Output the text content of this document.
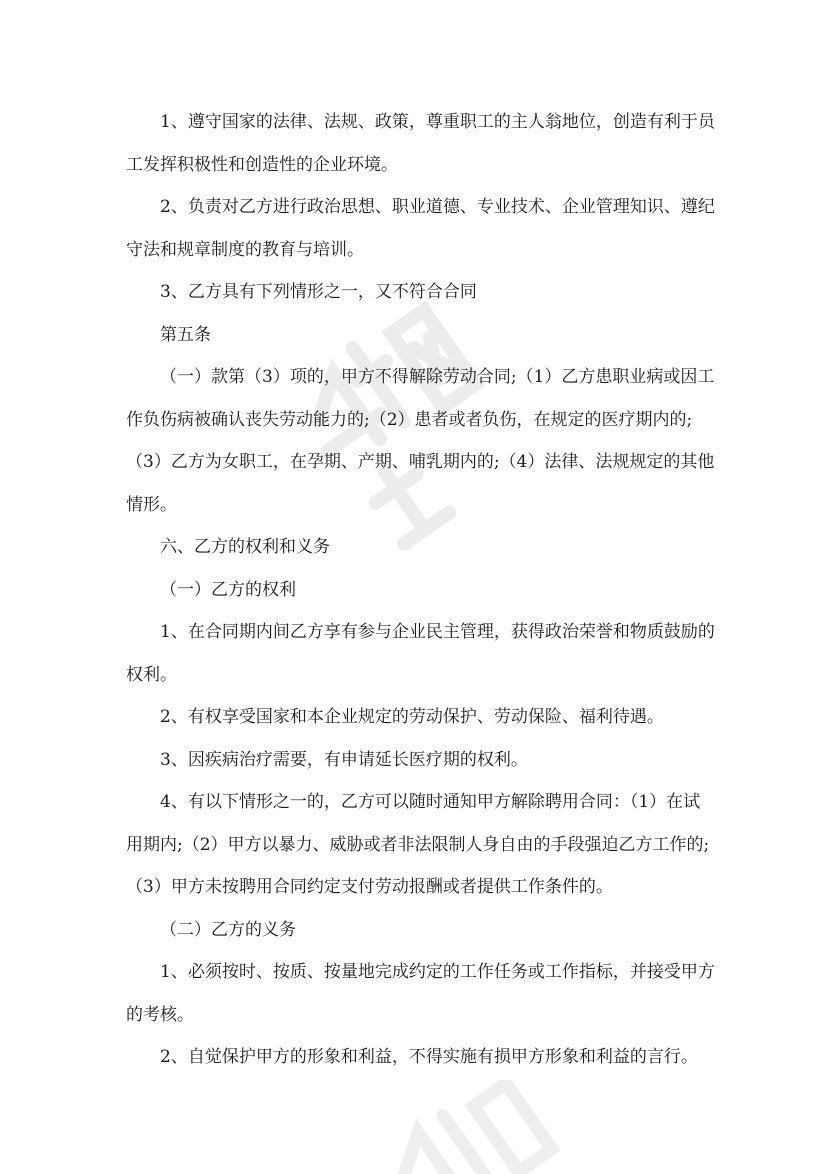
1、遵守国家的法律、法规、政策，尊重职工的主人翁地位，创造有利于员工发挥积极性和创造性的企业环境。

2、负责对乙方进行政治思想、职业道德、专业技术、企业管理知识、遵纪守法和规章制度的教育与培训。

3、乙方具有下列情形之一，又不符合合同

第五条

（一）款第（3）项的，甲方不得解除劳动合同;（1）乙方患职业病或因工作负伤病被确认丧失劳动能力的;（2）患者或者负伤，在规定的医疗期内的;（3）乙方为女职工，在孕期、产期、哺乳期内的;（4）法律、法规规定的其他情形。

六、乙方的权利和义务

（一）乙方的权利

1、在合同期内间乙方享有参与企业民主管理，获得政治荣誉和物质鼓励的权利。

2、有权享受国家和本企业规定的劳动保护、劳动保险、福利待遇。

3、因疾病治疗需要，有申请延长医疗期的权利。

4、有以下情形之一的，乙方可以随时通知甲方解除聘用合同：（1）在试用期内;（2）甲方以暴力、威胁或者非法限制人身自由的手段强迫乙方工作的;（3）甲方未按聘用合同约定支付劳动报酬或者提供工作条件的。

（二）乙方的义务

1、必须按时、按质、按量地完成约定的工作任务或工作指标，并接受甲方的考核。

2、自觉保护甲方的形象和利益，不得实施有损甲方形象和利益的言行。
